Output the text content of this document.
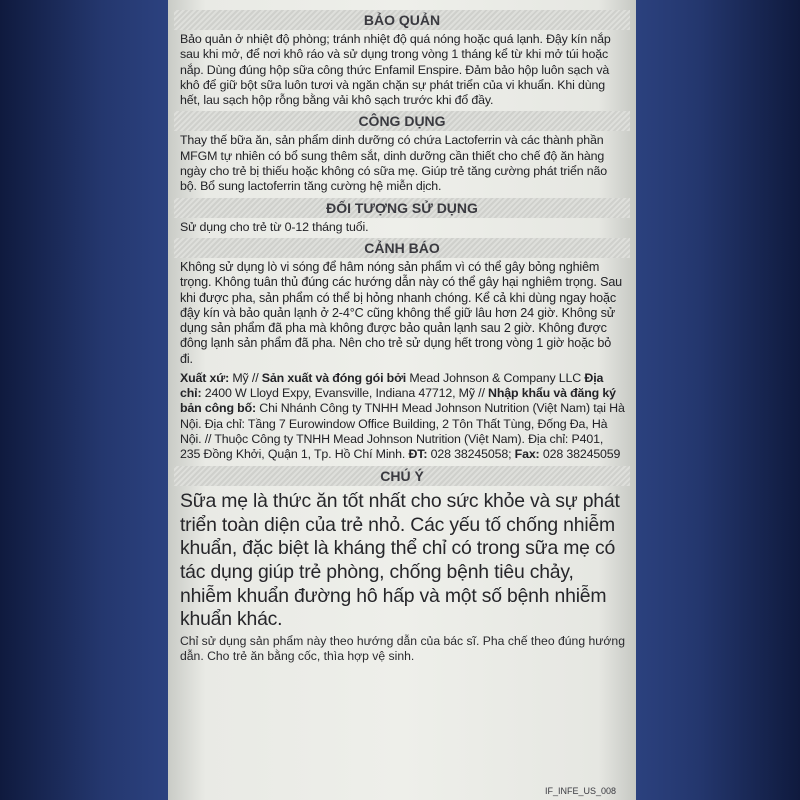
BẢO QUẢN
Bảo quản ở nhiệt độ phòng; tránh nhiệt độ quá nóng hoặc quá lạnh. Đậy kín nắp sau khi mở, để nơi khô ráo và sử dụng trong vòng 1 tháng kể từ khi mở túi hoặc nắp. Dùng đúng hộp sữa công thức Enfamil Enspire. Đảm bảo hộp luôn sạch và khô để giữ bột sữa luôn tươi và ngăn chặn sự phát triển của vi khuẩn. Khi dùng hết, lau sạch hộp rỗng bằng vải khô sạch trước khi đổ đầy.
CÔNG DỤNG
Thay thế bữa ăn, sản phẩm dinh dưỡng có chứa Lactoferrin và các thành phần MFGM tự nhiên có bổ sung thêm sắt, dinh dưỡng cần thiết cho chế độ ăn hàng ngày cho trẻ bị thiếu hoặc không có sữa mẹ. Giúp trẻ tăng cường phát triển não bộ. Bổ sung lactoferrin tăng cường hệ miễn dịch.
ĐỐI TƯỢNG SỬ DỤNG
Sử dụng cho trẻ từ 0-12 tháng tuổi.
CẢNH BÁO
Không sử dụng lò vi sóng để hâm nóng sản phẩm vì có thể gây bỏng nghiêm trọng. Không tuân thủ đúng các hướng dẫn này có thể gây hại nghiêm trọng. Sau khi được pha, sản phẩm có thể bị hỏng nhanh chóng. Kể cả khi dùng ngay hoặc đậy kín và bảo quản lạnh ở 2-4°C cũng không thể giữ lâu hơn 24 giờ. Không sử dụng sản phẩm đã pha mà không được bảo quản lạnh sau 2 giờ. Không được đông lạnh sản phẩm đã pha. Nên cho trẻ sử dụng hết trong vòng 1 giờ hoặc bỏ đi.
Xuất xứ: Mỹ // Sản xuất và đóng gói bởi Mead Johnson & Company LLC Địa chỉ: 2400 W Lloyd Expy, Evansville, Indiana 47712, Mỹ // Nhập khẩu và đăng ký bản công bố: Chi Nhánh Công ty TNHH Mead Johnson Nutrition (Việt Nam) tại Hà Nội. Địa chỉ: Tầng 7 Eurowindow Office Building, 2 Tôn Thất Tùng, Đống Đa, Hà Nội. // Thuộc Công ty TNHH Mead Johnson Nutrition (Việt Nam). Địa chỉ: P401, 235 Đồng Khởi, Quận 1, Tp. Hồ Chí Minh. ĐT: 028 38245058; Fax: 028 38245059
CHÚ Ý
Sữa mẹ là thức ăn tốt nhất cho sức khỏe và sự phát triển toàn diện của trẻ nhỏ. Các yếu tố chống nhiễm khuẩn, đặc biệt là kháng thể chỉ có trong sữa mẹ có tác dụng giúp trẻ phòng, chống bệnh tiêu chảy, nhiễm khuẩn đường hô hấp và một số bệnh nhiễm khuẩn khác.
Chỉ sử dụng sản phẩm này theo hướng dẫn của bác sĩ. Pha chế theo đúng hướng dẫn. Cho trẻ ăn bằng cốc, thìa hợp vệ sinh.
IF_INFE_US_008
